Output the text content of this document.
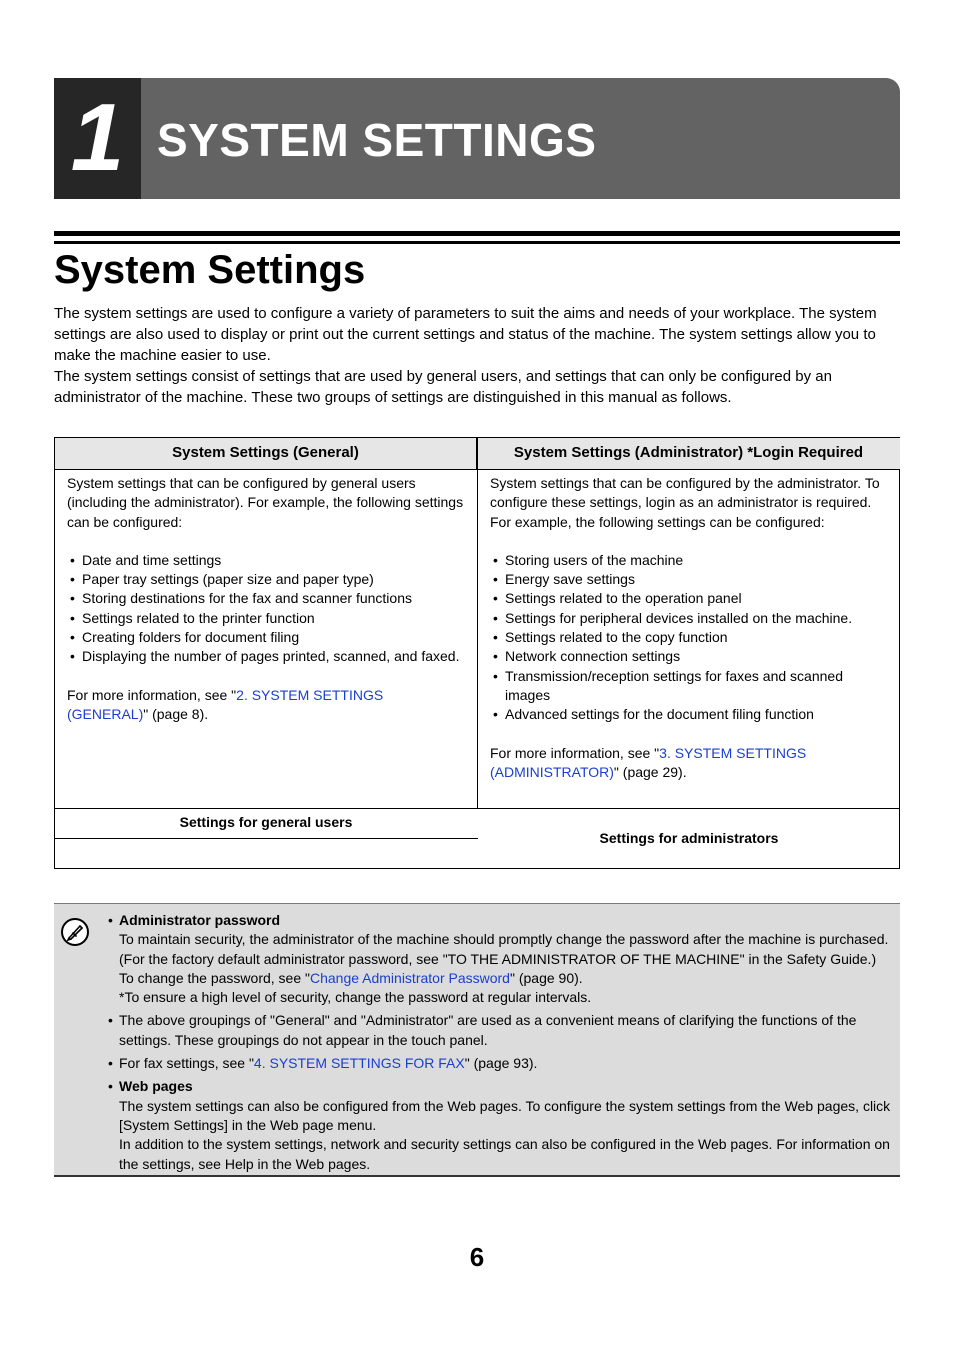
1 SYSTEM SETTINGS
System Settings

The system settings are used to configure a variety of parameters to suit the aims and needs of your workplace. The system settings are also used to display or print out the current settings and status of the machine. The system settings allow you to make the machine easier to use.

The system settings consist of settings that are used by general users, and settings that can only be configured by an administrator of the machine. These two groups of settings are distinguished in this manual as follows.

System Settings (General)	System Settings (Administrator) *Login Required

System settings that can be configured by general users (including the administrator). For example, the following settings can be configured:

• Date and time settings
• Paper tray settings (paper size and paper type)
• Storing destinations for the fax and scanner functions
• Settings related to the printer function
• Creating folders for document filing
• Displaying the number of pages printed, scanned, and faxed.

For more information, see "2. SYSTEM SETTINGS (GENERAL)" (page 8).

System settings that can be configured by the administrator. To configure these settings, login as an administrator is required. For example, the following settings can be configured:

• Storing users of the machine
• Energy save settings
• Settings related to the operation panel
• Settings for peripheral devices installed on the machine.
• Settings related to the copy function
• Network connection settings
• Transmission/reception settings for faxes and scanned images
• Advanced settings for the document filing function

For more information, see "3. SYSTEM SETTINGS (ADMINISTRATOR)" (page 29).

Settings for general users
Settings for administrators

• Administrator password

To maintain security, the administrator of the machine should promptly change the password after the machine is purchased. (For the factory default administrator password, see "TO THE ADMINISTRATOR OF THE MACHINE" in the Safety Guide.) To change the password, see "Change Administrator Password" (page 90).

*To ensure a high level of security, change the password at regular intervals.

• The above groupings of "General" and "Administrator" are used as a convenient means of clarifying the functions of the settings. These groupings do not appear in the touch panel.

• For fax settings, see "4. SYSTEM SETTINGS FOR FAX" (page 93).

• Web pages

The system settings can also be configured from the Web pages. To configure the system settings from the Web pages, click [System Settings] in the Web page menu.

In addition to the system settings, network and security settings can also be configured in the Web pages. For information on the settings, see Help in the Web pages.

6
